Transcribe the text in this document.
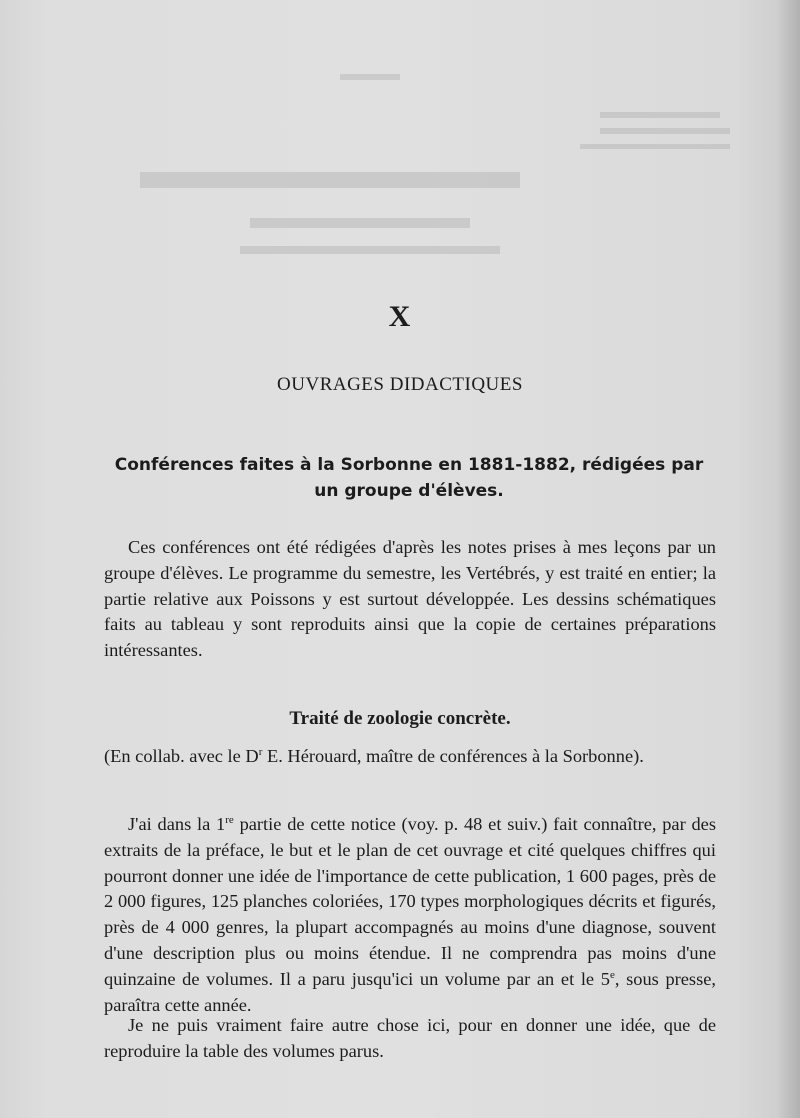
X
OUVRAGES DIDACTIQUES
Conférences faites à la Sorbonne en 1881-1882, rédigées par un groupe d'élèves.
Ces conférences ont été rédigées d'après les notes prises à mes leçons par un groupe d'élèves. Le programme du semestre, les Vertébrés, y est traité en entier; la partie relative aux Poissons y est surtout développée. Les dessins schématiques faits au tableau y sont reproduits ainsi que la copie de certaines préparations intéressantes.
Traité de zoologie concrète.
(En collab. avec le $D^r$ E. Hérouard, maître de conférences à la Sorbonne).
J'ai dans la 1re partie de cette notice (voy. p. 48 et suiv.) fait connaître, par des extraits de la préface, le but et le plan de cet ouvrage et cité quelques chiffres qui pourront donner une idée de l'importance de cette publication, 1 600 pages, près de 2 000 figures, 125 planches coloriées, 170 types morphologiques décrits et figurés, près de 4 000 genres, la plupart accompagnés au moins d'une diagnose, souvent d'une description plus ou moins étendue. Il ne comprendra pas moins d'une quinzaine de volumes. Il a paru jusqu'ici un volume par an et le 5e, sous presse, paraîtra cette année.
Je ne puis vraiment faire autre chose ici, pour en donner une idée, que de reproduire la table des volumes parus.
